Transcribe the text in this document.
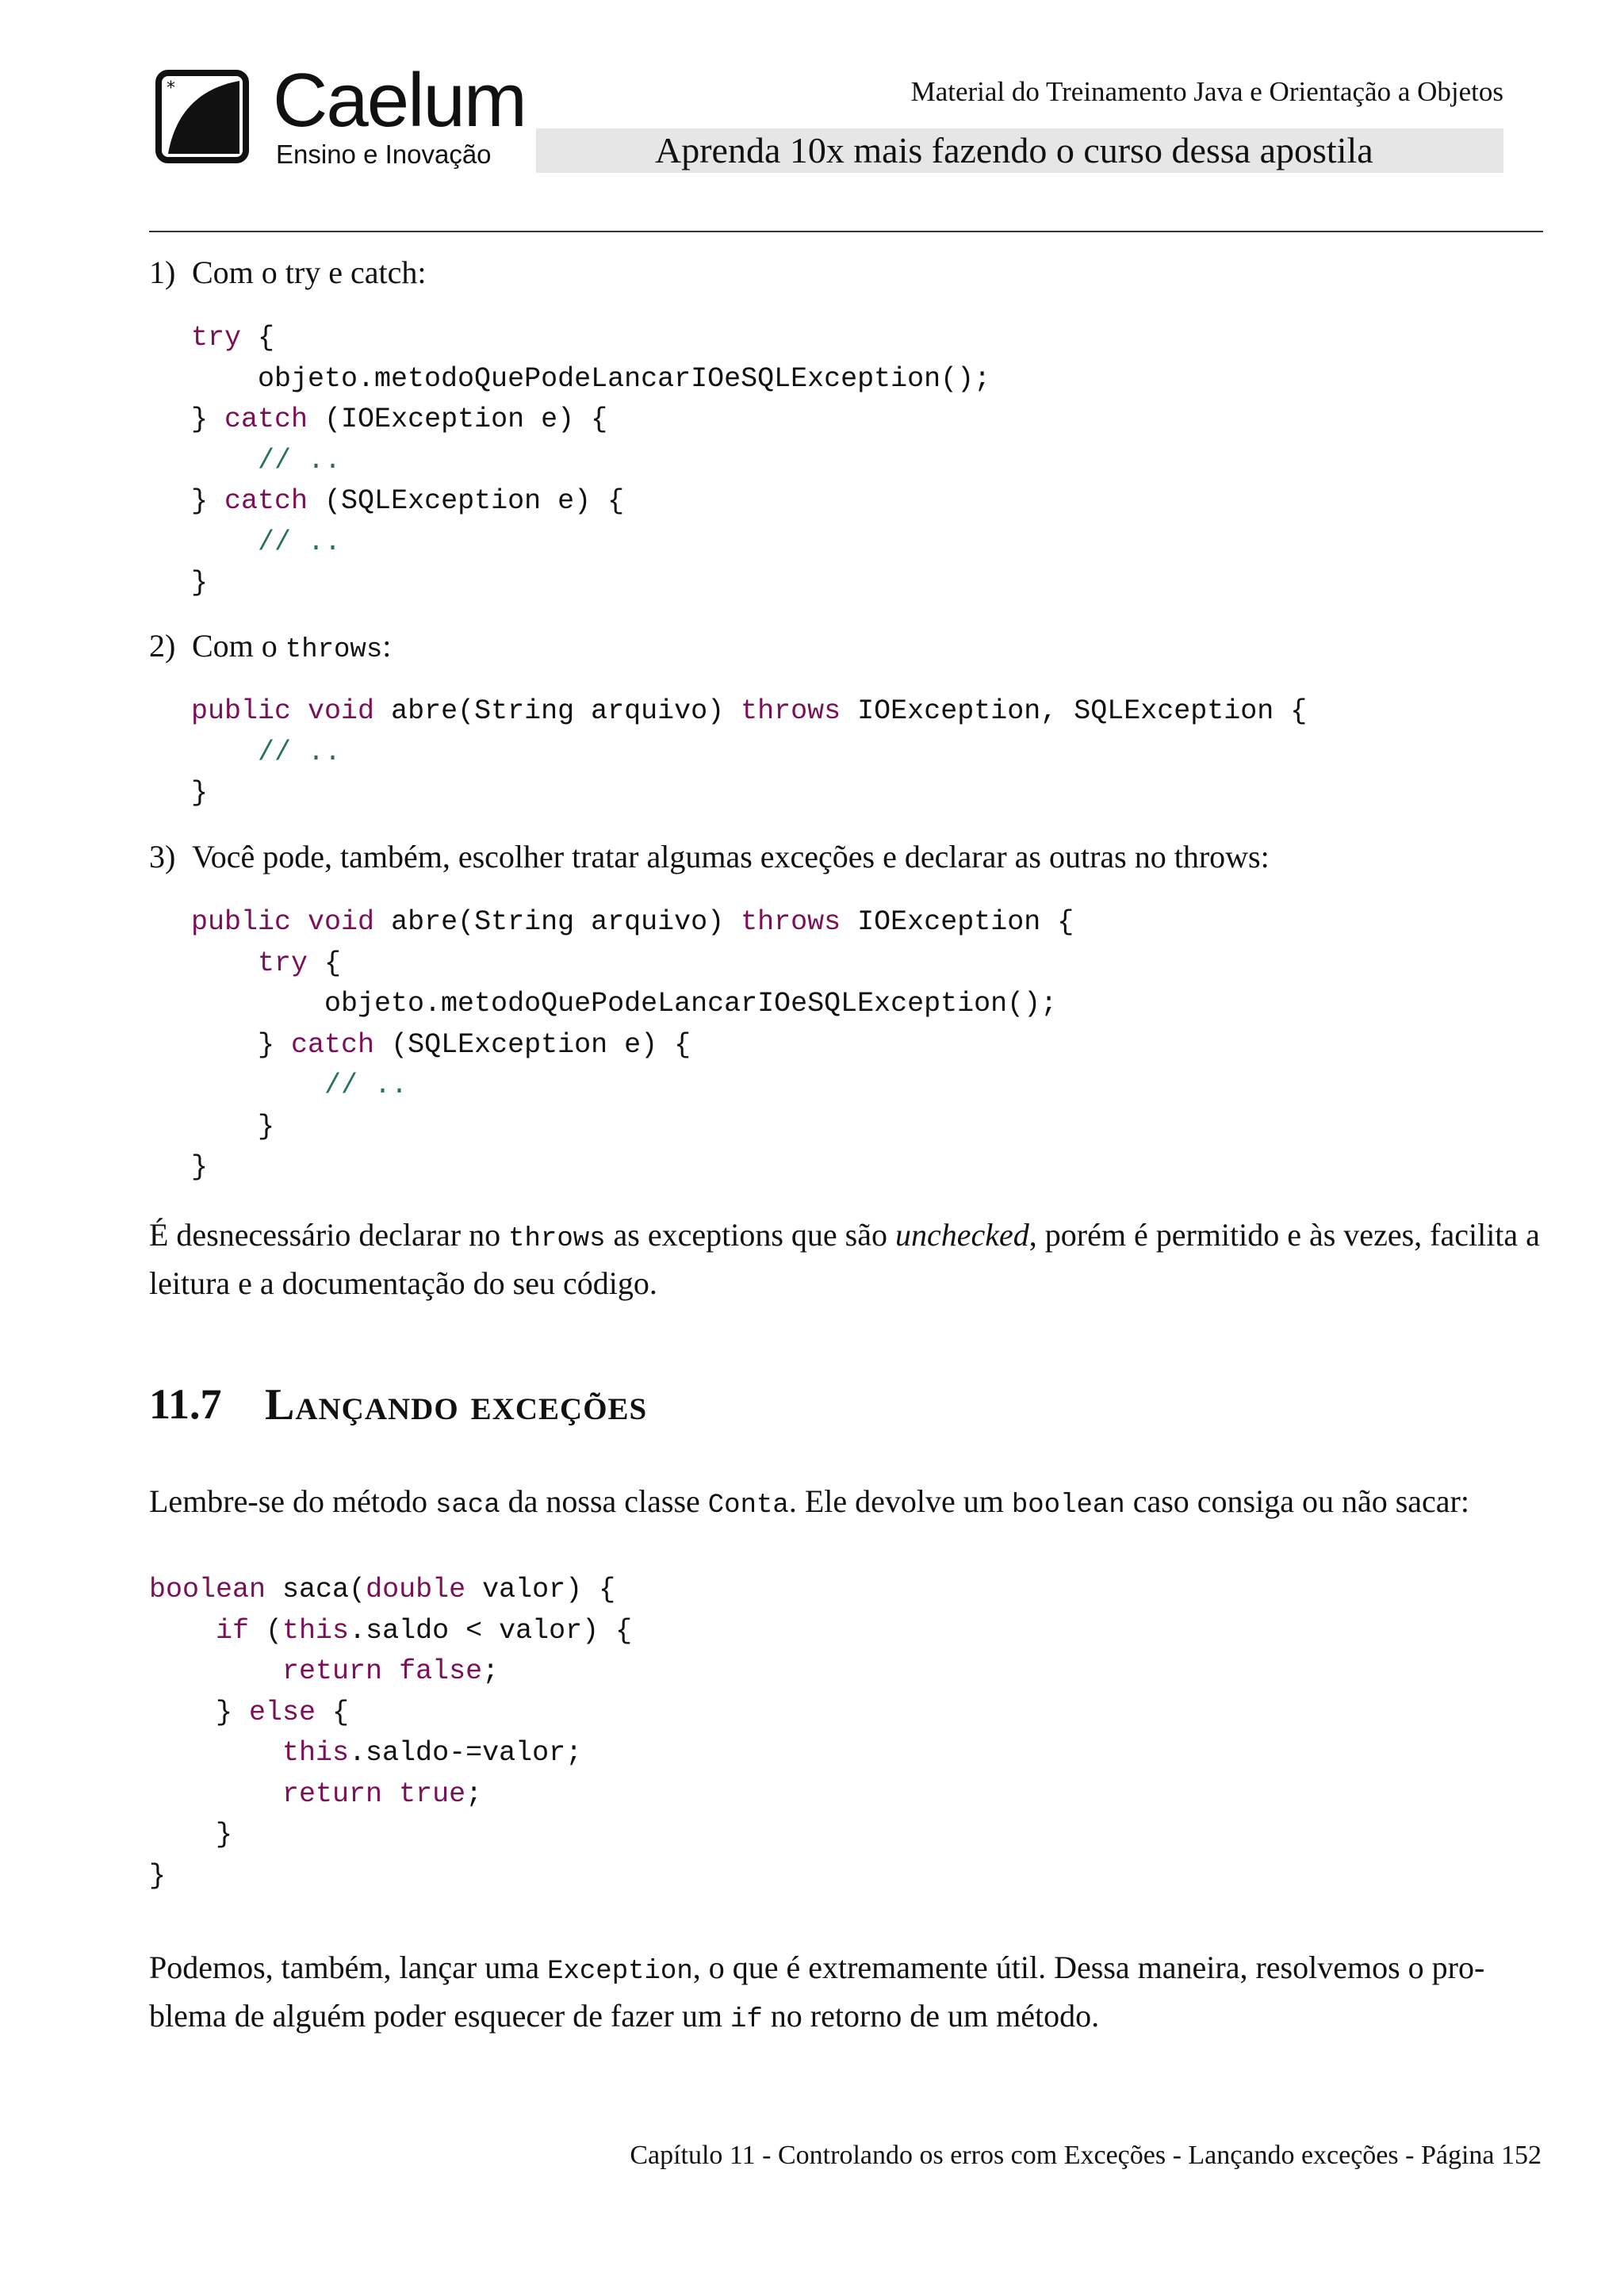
* Caelum
Ensino e Inovação
Material do Treinamento Java e Orientação a Objetos
Aprenda 10x mais fazendo o curso dessa apostila
1) Com o try e catch:
try {
objeto.metodoQuePodeLancarIOeSQLException();
} catch (IOException e) {
// ..
} catch (SQLException e) {
// ..
}
2) Com o throws:
public void abre(String arquivo) throws IOException, SQLException {
// ..
}
3) Você pode, também, escolher tratar algumas exceções e declarar as outras no throws:
public void abre(String arquivo) throws IOException {
try {
objeto.metodoQuePodeLancarIOeSQLException();
} catch (SQLException e) {
// ..
}
}
É desnecessário declarar no throws as exceptions que são unchecked, porém é permitido e às vezes, facilita a
leitura e a documentação do seu código.
11.7 Lançando exceções
Lembre-se do método saca da nossa classe Conta. Ele devolve um boolean caso consiga ou não sacar:
boolean saca(double valor) {
if (this.saldo < valor) {
return false;
} else {
this.saldo-=valor;
return true;
}
}
Podemos, também, lançar uma Exception, o que é extremamente útil. Dessa maneira, resolvemos o pro-
blema de alguém poder esquecer de fazer um if no retorno de um método.
Capítulo 11 - Controlando os erros com Exceções - Lançando exceções - Página 152
